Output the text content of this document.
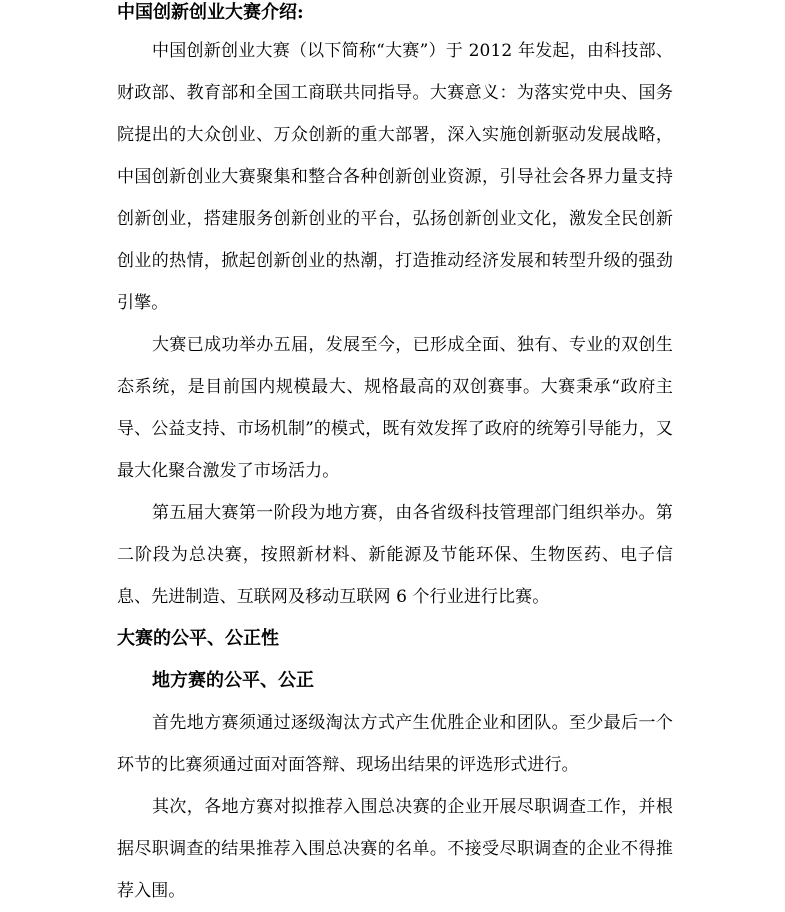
中国创新创业大赛介绍:

中国创新创业大赛（以下简称“大赛”）于 2012 年发起，由科技部、财政部、教育部和全国工商联共同指导。大赛意义：为落实党中央、国务院提出的大众创业、万众创新的重大部署，深入实施创新驱动发展战略，中国创新创业大赛聚集和整合各种创新创业资源，引导社会各界力量支持创新创业，搭建服务创新创业的平台，弘扬创新创业文化，激发全民创新创业的热情，掀起创新创业的热潮，打造推动经济发展和转型升级的强劲引擎。

大赛已成功举办五届，发展至今，已形成全面、独有、专业的双创生态系统，是目前国内规模最大、规格最高的双创赛事。大赛秉承“政府主导、公益支持、市场机制”的模式，既有效发挥了政府的统筹引导能力，又最大化聚合激发了市场活力。

第五届大赛第一阶段为地方赛，由各省级科技管理部门组织举办。第二阶段为总决赛，按照新材料、新能源及节能环保、生物医药、电子信息、先进制造、互联网及移动互联网 6 个行业进行比赛。

大赛的公平、公正性
地方赛的公平、公正

首先地方赛须通过逐级淘汰方式产生优胜企业和团队。至少最后一个环节的比赛须通过面对面答辩、现场出结果的评选形式进行。

其次，各地方赛对拟推荐入围总决赛的企业开展尽职调查工作，并根据尽职调查的结果推荐入围总决赛的名单。不接受尽职调查的企业不得推荐入围。
